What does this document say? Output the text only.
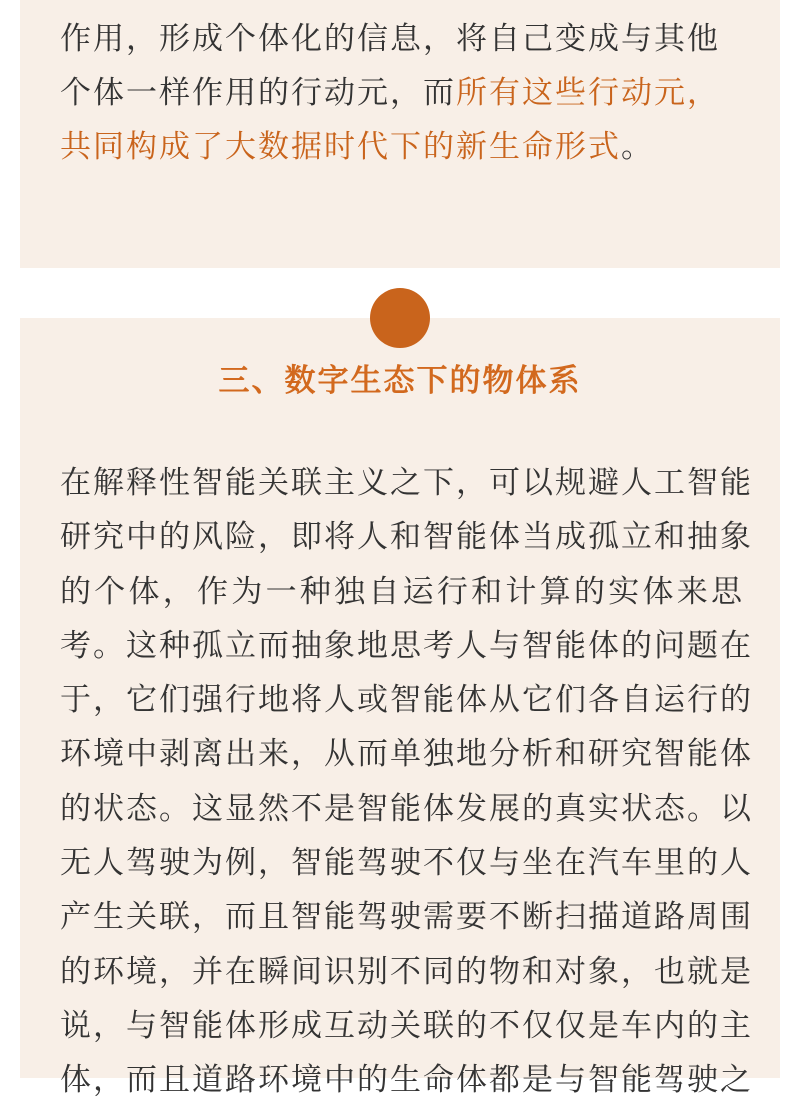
作用，形成个体化的信息，将自己变成与其他
个体一样作用的行动元，而所有这些行动元，
共同构成了大数据时代下的新生命形式。
三、数字生态下的物体系
在解释性智能关联主义之下，可以规避人工智能
研究中的风险，即将人和智能体当成孤立和抽象
的个体，作为一种独自运行和计算的实体来思
考。这种孤立而抽象地思考人与智能体的问题在
于，它们强行地将人或智能体从它们各自运行的
环境中剥离出来，从而单独地分析和研究智能体
的状态。这显然不是智能体发展的真实状态。以
无人驾驶为例，智能驾驶不仅与坐在汽车里的人
产生关联，而且智能驾驶需要不断扫描道路周围
的环境，并在瞬间识别不同的物和对象，也就是
说，与智能体形成互动关联的不仅仅是车内的主
体，而且道路环境中的生命体都是与智能驾驶之
